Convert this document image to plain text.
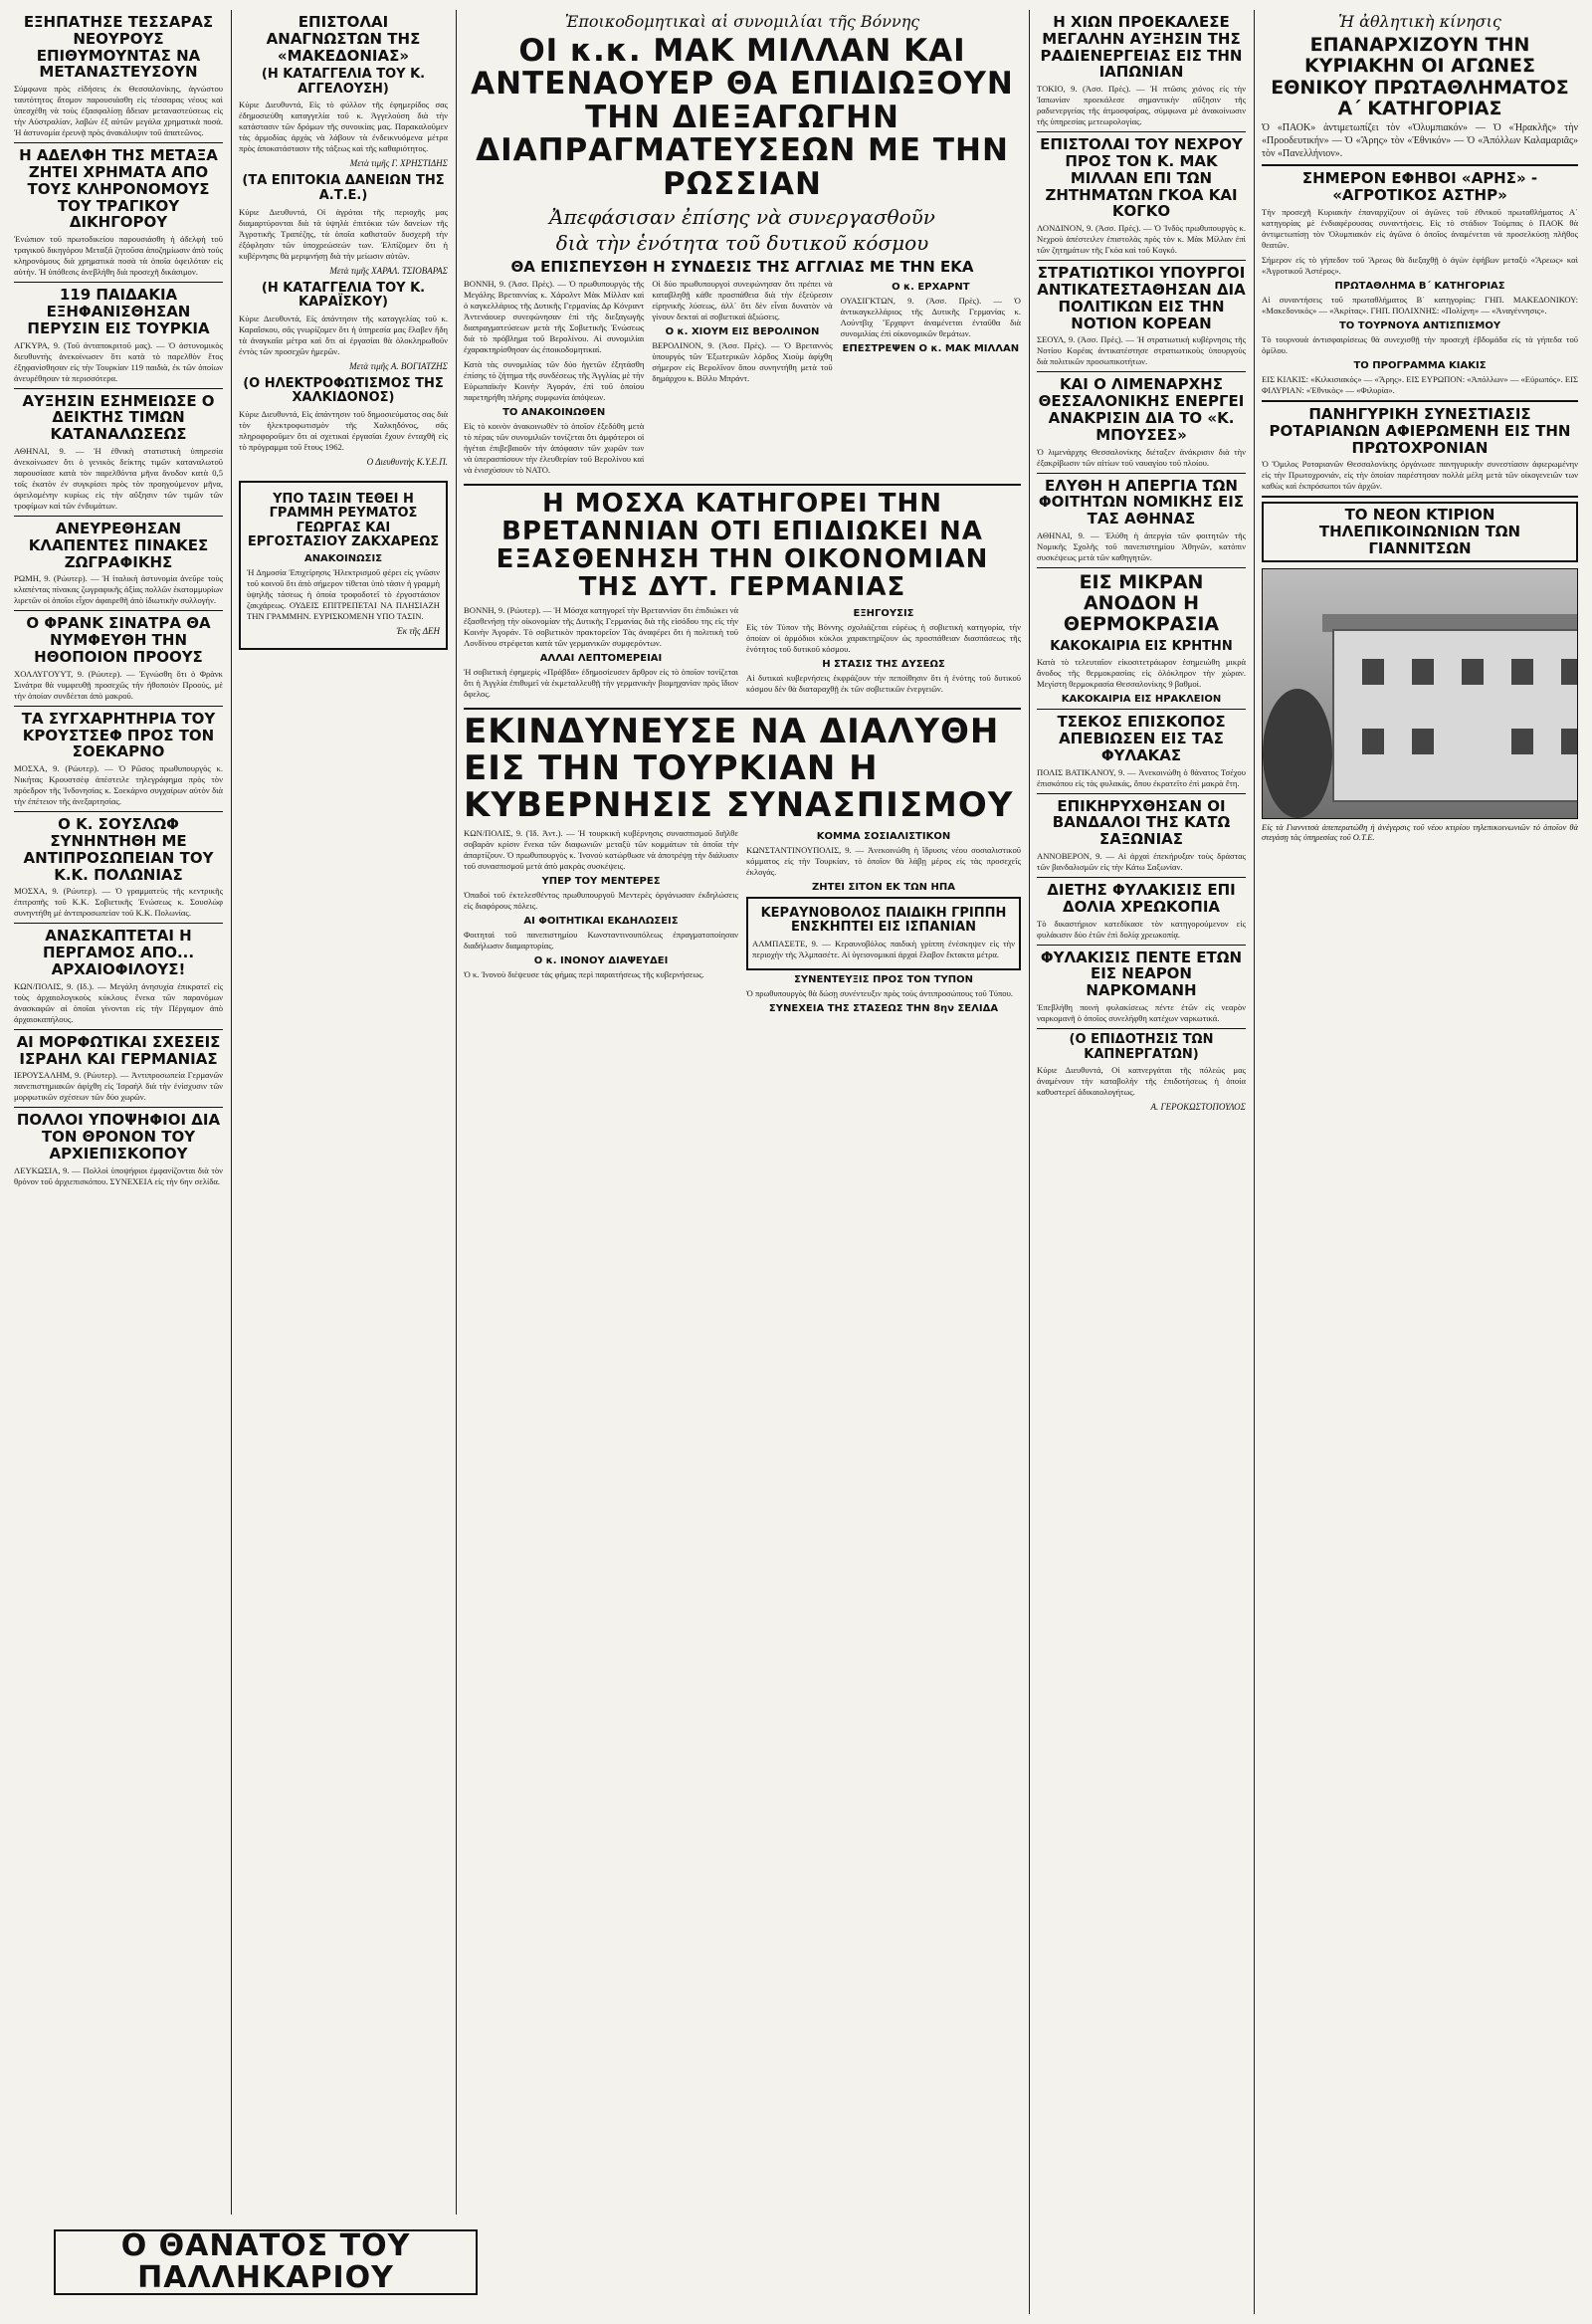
ΕΞΗΠΑΤΗΣΕ ΤΕΣΣΑΡΑΣ ΝΕΟΥΡΟΥΣ ΕΠΙΘΥΜΟΥΝΤΑΣ ΝΑ ΜΕΤΑΝΑΣΤΕΥΣΟΥΝ

Σύμφωνα πρὸς εἰδήσεις ἐκ Θεσσαλονίκης, ἀγνώστου ταυτότητος ἄτομον παρουσιάσθη εἰς τέσσαρας νέους καὶ ὑπεσχέθη νὰ τοὺς ἐξασφαλίσῃ ἄδειαν μεταναστεύσεως εἰς τὴν Αὐστραλίαν, λαβὼν ἐξ αὐτῶν μεγάλα χρηματικὰ ποσά. Ἡ ἀστυνομία ἐρευνᾷ πρὸς ἀνακάλυψιν τοῦ ἀπατεῶνος.

Η ΑΔΕΛΦΗ ΤΗΣ ΜΕΤΑΞΑ ΖΗΤΕΙ ΧΡΗΜΑΤΑ ΑΠΟ ΤΟΥΣ ΚΛΗΡΟΝΟΜΟΥΣ ΤΟΥ ΤΡΑΓΙΚΟΥ ΔΙΚΗΓΟΡΟΥ

Ἐνώπιον τοῦ πρωτοδικείου παρουσιάσθη ἡ ἀδελφὴ τοῦ τραγικοῦ δικηγόρου Μεταξᾶ ζητοῦσα ἀποζημίωσιν ἀπὸ τοὺς κληρονόμους διὰ χρηματικὰ ποσὰ τὰ ὁποῖα ὀφειλόταν εἰς αὐτήν. Ἡ ὑπόθεσις ἀνεβλήθη διὰ προσεχῆ δικάσιμον.

119 ΠΑΙΔΑΚΙΑ ΕΞΗΦΑΝΙΣΘΗΣΑΝ ΠΕΡΥΣΙΝ ΕΙΣ ΤΟΥΡΚΙΑ

ΑΓΚΥΡΑ, 9. (Τοῦ ἀνταποκριτοῦ μας). — Ὁ ἀστυνομικὸς διευθυντὴς ἀνεκοίνωσεν ὅτι κατὰ τὸ παρελθὸν ἔτος ἐξηφανίσθησαν εἰς τὴν Τουρκίαν 119 παιδιὰ, ἐκ τῶν ὁποίων ἀνευρέθησαν τὰ περισσότερα.

ΑΥΞΗΣΙΝ ΕΣΗΜΕΙΩΣΕ Ο ΔΕΙΚΤΗΣ ΤΙΜΩΝ ΚΑΤΑΝΑΛΩΣΕΩΣ

ΑΘΗΝΑΙ, 9. — Ἡ ἐθνικὴ στατιστικὴ ὑπηρεσία ἀνεκοίνωσεν ὅτι ὁ γενικὸς δείκτης τιμῶν καταναλωτοῦ παρουσίασε κατὰ τὸν παρελθόντα μῆνα ἄνοδον κατὰ 0,5 τοῖς ἑκατὸν ἐν συγκρίσει πρὸς τὸν προηγούμενον μῆνα, ὀφειλομένην κυρίως εἰς τὴν αὔξησιν τῶν τιμῶν τῶν τροφίμων καὶ τῶν ἐνδυμάτων.

ΑΝΕΥΡΕΘΗΣΑΝ ΚΛΑΠΕΝΤΕΣ ΠΙΝΑΚΕΣ ΖΩΓΡΑΦΙΚΗΣ

ΡΩΜΗ, 9. (Ρώυτερ). — Ἡ ἰταλικὴ ἀστυνομία ἀνεῦρε τοὺς κλαπέντας πίνακας ζωγραφικῆς ἀξίας πολλῶν ἑκατομμυρίων λιρετῶν οἱ ὁποῖοι εἶχον ἀφαιρεθῆ ἀπὸ ἰδιωτικὴν συλλογήν.

Ο ΦΡΑΝΚ ΣΙΝΑΤΡΑ ΘΑ ΝΥΜΦΕΥΘΗ ΤΗΝ ΗΘΟΠΟΙΟΝ ΠΡΟΟΥΣ

ΧΟΛΛΥΓΟΥΥΤ, 9. (Ρώυτερ). — Ἐγνώσθη ὅτι ὁ Φρὰνκ Σινάτρα θὰ νυμφευθῇ προσεχῶς τὴν ἠθοποιὸν Προούς, μὲ τὴν ὁποίαν συνδέεται ἀπὸ μακροῦ.

ΤΑ ΣΥΓΧΑΡΗΤΗΡΙΑ ΤΟΥ ΚΡΟΥΣΤΣΕΦ ΠΡΟΣ ΤΟΝ ΣΟΕΚΑΡΝΟ

ΜΟΣΧΑ, 9. (Ρώυτερ). — Ὁ Ρῶσος πρωθυπουργὸς κ. Νικήτας Κρουστσὲφ ἀπέστειλε τηλεγράφημα πρὸς τὸν πρόεδρον τῆς Ἰνδονησίας κ. Σοεκάρνο συγχαίρων αὐτὸν διὰ τὴν ἐπέτειον τῆς ἀνεξαρτησίας.

Ο Κ. ΣΟΥΣΛΩΦ ΣΥΝΗΝΤΗΘΗ ΜΕ ΑΝΤΙΠΡΟΣΩΠΕΙΑΝ ΤΟΥ Κ.Κ. ΠΟΛΩΝΙΑΣ

ΜΟΣΧΑ, 9. (Ρώυτερ). — Ὁ γραμματεὺς τῆς κεντρικῆς ἐπιτροπῆς τοῦ Κ.Κ. Σοβιετικῆς Ἑνώσεως κ. Σουσλὼφ συνηντήθη μὲ ἀντιπροσωπείαν τοῦ Κ.Κ. Πολωνίας.

ΑΝΑΣΚΑΠΤΕΤΑΙ Η ΠΕΡΓΑΜΟΣ ΑΠΟ... ΑΡΧΑΙΟΦΙΛΟΥΣ!

ΚΩΝ/ΠΟΛΙΣ, 9. (Ιδ.). — Μεγάλη ἀνησυχία ἐπικρατεῖ εἰς τοὺς ἀρχαιολογικοὺς κύκλους ἕνεκα τῶν παρανόμων ἀνασκαφῶν αἱ ὁποῖαι γίνονται εἰς τὴν Πέργαμον ἀπὸ ἀρχαιοκαπήλους.

ΑΙ ΜΟΡΦΩΤΙΚΑΙ ΣΧΕΣΕΙΣ ΙΣΡΑΗΛ ΚΑΙ ΓΕΡΜΑΝΙΑΣ

ΙΕΡΟΥΣΑΛΗΜ, 9. (Ρώυτερ). — Ἀντιπροσωπεία Γερμανῶν πανεπιστημιακῶν ἀφίχθη εἰς Ἰσραὴλ διὰ τὴν ἐνίσχυσιν τῶν μορφωτικῶν σχέσεων τῶν δύο χωρῶν.

ΠΟΛΛΟΙ ΥΠΟΨΗΦΙΟΙ ΔΙΑ ΤΟΝ ΘΡΟΝΟΝ ΤΟΥ ΑΡΧΙΕΠΙΣΚΟΠΟΥ

ΛΕΥΚΩΣΙΑ, 9. — Πολλοὶ ὑποψήφιοι ἐμφανίζονται διὰ τὸν θρόνον τοῦ ἀρχιεπισκόπου. ΣΥΝΕΧΕΙΑ εἰς τὴν 6ην σελίδα.

Ο ΘΑΝΑΤΟΣ ΤΟΥ ΠΑΛΛΗΚΑΡΙΟΥ
ΕΠΙΣΤΟΛΑΙ ΑΝΑΓΝΩΣΤΩΝ ΤΗΣ «ΜΑΚΕΔΟΝΙΑΣ»
(Η ΚΑΤΑΓΓΕΛΙΑ ΤΟΥ Κ. ΑΓΓΕΛΟΥΣΗ)

Κύριε Διευθυντά, Εἰς τὸ φύλλον τῆς ἐφημερίδος σας ἐδημοσιεύθη καταγγελία τοῦ κ. Ἀγγελούση διὰ τὴν κατάστασιν τῶν δρόμων τῆς συνοικίας μας. Παρακαλοῦμεν τὰς ἁρμοδίας ἀρχὰς νὰ λάβουν τὰ ἐνδεικνυόμενα μέτρα πρὸς ἀποκατάστασιν τῆς τάξεως καὶ τῆς καθαριότητος.

Μετὰ τιμῆς Γ. ΧΡΗΣΤΙΔΗΣ
(ΤΑ ΕΠΙΤΟΚΙΑ ΔΑΝΕΙΩΝ ΤΗΣ Α.Τ.Ε.)

Κύριε Διευθυντά, Οἱ ἀγρόται τῆς περιοχῆς μας διαμαρτύρονται διὰ τὰ ὑψηλὰ ἐπιτόκια τῶν δανείων τῆς Ἀγροτικῆς Τραπέζης, τὰ ὁποῖα καθιστοῦν δυσχερῆ τὴν ἐξόφλησιν τῶν ὑποχρεώσεών των. Ἐλπίζομεν ὅτι ἡ κυβέρνησις θὰ μεριμνήσῃ διὰ τὴν μείωσιν αὐτῶν.

Μετὰ τιμῆς ΧΑΡΑΛ. ΤΣΙΟΒΑΡΑΣ
(Η ΚΑΤΑΓΓΕΛΙΑ ΤΟΥ Κ. ΚΑΡΑΪΣΚΟΥ)

Κύριε Διευθυντά, Εἰς ἀπάντησιν τῆς καταγγελίας τοῦ κ. Καραΐσκου, σᾶς γνωρίζομεν ὅτι ἡ ὑπηρεσία μας ἔλαβεν ἤδη τὰ ἀναγκαῖα μέτρα καὶ ὅτι αἱ ἐργασίαι θὰ ὁλοκληρωθοῦν ἐντὸς τῶν προσεχῶν ἡμερῶν.

Μετὰ τιμῆς Α. ΒΟΓΙΑΤΖΗΣ
(Ο ΗΛΕΚΤΡΟΦΩΤΙΣΜΟΣ ΤΗΣ ΧΑΛΚΙΔΟΝΟΣ)

Κύριε Διευθυντά, Εἰς ἀπάντησιν τοῦ δημοσιεύματος σας διὰ τὸν ἠλεκτροφωτισμὸν τῆς Χαλκηδόνος, σᾶς πληροφοροῦμεν ὅτι αἱ σχετικαὶ ἐργασίαι ἔχουν ἐνταχθῆ εἰς τὸ πρόγραμμα τοῦ ἔτους 1962.

Ο Διευθυντὴς Κ.Υ.Ε.Π.
ΥΠΟ ΤΑΣΙΝ ΤΕΘΕΙ Η ΓΡΑΜΜΗ ΡΕΥΜΑΤΟΣ ΓΕΩΡΓΑΣ ΚΑΙ ΕΡΓΟΣΤΑΣΙΟΥ ΖΑΚΧΑΡΕΩΣ
ΑΝΑΚΟΙΝΩΣΙΣ

Ἡ Δημοσία Ἐπιχείρησις Ἠλεκτρισμοῦ φέρει εἰς γνῶσιν τοῦ κοινοῦ ὅτι ἀπὸ σήμερον τίθεται ὑπὸ τάσιν ἡ γραμμὴ ὑψηλῆς τάσεως ἡ ὁποία τροφοδοτεῖ τὸ ἐργοστάσιον ζακχάρεως. ΟΥΔΕΙΣ ΕΠΙΤΡΕΠΕΤΑΙ ΝΑ ΠΛΗΣΙΑΖΗ ΤΗΝ ΓΡΑΜΜΗΝ. ΕΥΡΙΣΚΟΜΕΝΗ ΥΠΟ ΤΑΣΙΝ.

Ἐκ τῆς ΔΕΗ
Ἐποικοδομητικαὶ αἱ συνομιλίαι τῆς Βόννης
ΟΙ κ.κ. ΜΑΚ ΜΙΛΛΑΝ ΚΑΙ ΑΝΤΕΝΑΟΥΕΡ ΘΑ ΕΠΙΔΙΩΞΟΥΝ ΤΗΝ ΔΙΕΞΑΓΩΓΗΝ ΔΙΑΠΡΑΓΜΑΤΕΥΣΕΩΝ ΜΕ ΤΗΝ ΡΩΣΣΙΑΝ
Ἀπεφάσισαν ἐπίσης νὰ συνεργασθοῦν
διὰ τὴν ἑνότητα τοῦ δυτικοῦ κόσμου
ΘΑ ΕΠΙΣΠΕΥΣΘΗ Η ΣΥΝΔΕΣΙΣ ΤΗΣ ΑΓΓΛΙΑΣ ΜΕ ΤΗΝ ΕΚΑ

ΒΟΝΝΗ, 9. (Ἀσσ. Πρὲς). — Ὁ πρωθυπουργὸς τῆς Μεγάλης Βρεταννίας κ. Χάρολντ Μὰκ Μίλλαν καὶ ὁ καγκελλάριος τῆς Δυτικῆς Γερμανίας Δρ Κόνραντ Ἀντενάουερ συνεφώνησαν ἐπὶ τῆς διεξαγωγῆς διαπραγματεύσεων μετὰ τῆς Σοβιετικῆς Ἑνώσεως διὰ τὸ πρόβλημα τοῦ Βερολίνου. Αἱ συνομιλίαι ἐχαρακτηρίσθησαν ὡς ἐποικοδομητικαί.

Κατὰ τὰς συνομιλίας τῶν δύο ἡγετῶν ἐξητάσθη ἐπίσης τὸ ζήτημα τῆς συνδέσεως τῆς Ἀγγλίας μὲ τὴν Εὐρωπαϊκὴν Κοινὴν Ἀγοράν, ἐπὶ τοῦ ὁποίου παρετηρήθη πλήρης συμφωνία ἀπόψεων.

ΤΟ ΑΝΑΚΟΙΝΩΘΕΝ

Εἰς τὸ κοινὸν ἀνακοινωθὲν τὸ ὁποῖον ἐξεδόθη μετὰ τὸ πέρας τῶν συνομιλιῶν τονίζεται ὅτι ἀμφότεροι οἱ ἡγέται ἐπιβεβαιοῦν τὴν ἀπόφασιν τῶν χωρῶν των νὰ ὑπερασπίσουν τὴν ἐλευθερίαν τοῦ Βερολίνου καὶ νὰ ἐνισχύσουν τὸ ΝΑΤΟ.

Οἱ δύο πρωθυπουργοὶ συνεφώνησαν ὅτι πρέπει νὰ καταβληθῇ κάθε προσπάθεια διὰ τὴν ἐξεύρεσιν εἰρηνικῆς λύσεως, ἀλλ᾽ ὅτι δὲν εἶναι δυνατὸν νὰ γίνουν δεκταὶ αἱ σοβιετικαὶ ἀξιώσεις.

Ο κ. ΧΙΟΥΜ ΕΙΣ ΒΕΡΟΛΙΝΟΝ

ΒΕΡΟΛΙΝΟΝ, 9. (Ἀσσ. Πρὲς). — Ὁ Βρεταννὸς ὑπουργὸς τῶν Ἐξωτερικῶν λόρδος Χιοὺμ ἀφίχθη σήμερον εἰς Βερολῖνον ὅπου συνηντήθη μετὰ τοῦ δημάρχου κ. Βίλλυ Μπράντ.

Ο κ. ΕΡΧΑΡΝΤ

ΟΥΑΣΙΓΚΤΩΝ, 9. (Ἀσσ. Πρὲς). — Ὁ ἀντικαγκελλάριος τῆς Δυτικῆς Γερμανίας κ. Λούντβιχ Ἔρχαρντ ἀναμένεται ἐνταῦθα διὰ συνομιλίας ἐπὶ οἰκονομικῶν θεμάτων.

ΕΠΕΣΤΡΕΨΕΝ Ο κ. ΜΑΚ ΜΙΛΛΑΝ
Η ΜΟΣΧΑ ΚΑΤΗΓΟΡΕΙ ΤΗΝ ΒΡΕΤΑΝΝΙΑΝ ΟΤΙ ΕΠΙΔΙΩΚΕΙ ΝΑ ΕΞΑΣΘΕΝΗΣΗ ΤΗΝ ΟΙΚΟΝΟΜΙΑΝ ΤΗΣ ΔΥΤ. ΓΕΡΜΑΝΙΑΣ

ΒΟΝΝΗ, 9. (Ρώυτερ). — Ἡ Μόσχα κατηγορεῖ τὴν Βρεταννίαν ὅτι ἐπιδιώκει νὰ ἐξασθενήσῃ τὴν οἰκονομίαν τῆς Δυτικῆς Γερμανίας διὰ τῆς εἰσόδου της εἰς τὴν Κοινὴν Ἀγοράν. Τὸ σοβιετικὸν πρακτορεῖον Τὰς ἀναφέρει ὅτι ἡ πολιτικὴ τοῦ Λονδίνου στρέφεται κατὰ τῶν γερμανικῶν συμφερόντων.

ΑΛΛΑΙ ΛΕΠΤΟΜΕΡΕΙΑΙ

Ἡ σοβιετικὴ ἐφημερὶς «Πράβδα» ἐδημοσίευσεν ἄρθρον εἰς τὸ ὁποῖον τονίζεται ὅτι ἡ Ἀγγλία ἐπιθυμεῖ νὰ ἐκμεταλλευθῇ τὴν γερμανικὴν βιομηχανίαν πρὸς ἴδιον ὄφελος.

ΕΞΗΓΟΥΣΙΣ

Εἰς τὸν Τύπον τῆς Βόννης σχολιάζεται εὐρέως ἡ σοβιετικὴ κατηγορία, τὴν ὁποίαν οἱ ἁρμόδιοι κύκλοι χαρακτηρίζουν ὡς προσπάθειαν διασπάσεως τῆς ἑνότητος τοῦ δυτικοῦ κόσμου.

Η ΣΤΑΣΙΣ ΤΗΣ ΔΥΣΕΩΣ

Αἱ δυτικαὶ κυβερνήσεις ἐκφράζουν τὴν πεποίθησιν ὅτι ἡ ἑνότης τοῦ δυτικοῦ κόσμου δὲν θὰ διαταραχθῇ ἐκ τῶν σοβιετικῶν ἐνεργειῶν.

ΕΚΙΝΔΥΝΕΥΣΕ ΝΑ ΔΙΑΛΥΘΗ ΕΙΣ ΤΗΝ ΤΟΥΡΚΙΑΝ Η ΚΥΒΕΡΝΗΣΙΣ ΣΥΝΑΣΠΙΣΜΟΥ

ΚΩΝ/ΠΟΛΙΣ, 9. (Ἰδ. Ἀντ.). — Ἡ τουρκικὴ κυβέρνησις συνασπισμοῦ διῆλθε σοβαρὰν κρίσιν ἕνεκα τῶν διαφωνιῶν μεταξὺ τῶν κομμάτων τὰ ὁποῖα τὴν ἀπαρτίζουν. Ὁ πρωθυπουργὸς κ. Ἰνονοὺ κατώρθωσε νὰ ἀποτρέψῃ τὴν διάλυσιν τοῦ συνασπισμοῦ μετὰ ἀπὸ μακρὰς συσκέψεις.

ΥΠΕΡ ΤΟΥ ΜΕΝΤΕΡΕΣ

Ὀπαδοὶ τοῦ ἐκτελεσθέντος πρωθυπουργοῦ Μεντερὲς ὀργάνωσαν ἐκδηλώσεις εἰς διαφόρους πόλεις.

ΑΙ ΦΟΙΤΗΤΙΚΑΙ ΕΚΔΗΛΩΣΕΙΣ

Φοιτηταὶ τοῦ πανεπιστημίου Κωνσταντινουπόλεως ἐπραγματοποίησαν διαδήλωσιν διαμαρτυρίας.

Ο κ. ΙΝΟΝΟΥ ΔΙΑΨΕΥΔΕΙ

Ὁ κ. Ἰνονοὺ διέψευσε τὰς φήμας περὶ παραιτήσεως τῆς κυβερνήσεως.

ΚΟΜΜΑ ΣΟΣΙΑΛΙΣΤΙΚΟΝ

ΚΩΝΣΤΑΝΤΙΝΟΥΠΟΛΙΣ, 9. — Ἀνεκοινώθη ἡ ἵδρυσις νέου σοσιαλιστικοῦ κόμματος εἰς τὴν Τουρκίαν, τὸ ὁποῖον θὰ λάβῃ μέρος εἰς τὰς προσεχεῖς ἐκλογάς.

ΖΗΤΕΙ ΣΙΤΟΝ ΕΚ ΤΩΝ ΗΠΑ
ΚΕΡΑΥΝΟΒΟΛΟΣ ΠΑΙΔΙΚΗ ΓΡΙΠΠΗ ΕΝΣΚΗΠΤΕΙ ΕΙΣ ΙΣΠΑΝΙΑΝ

ΑΛΜΠΑΣΕΤΕ, 9. — Κεραυνοβόλος παιδικὴ γρίππη ἐνέσκηψεν εἰς τὴν περιοχὴν τῆς Ἀλμπασέτε. Αἱ ὑγειονομικαὶ ἀρχαὶ ἔλαβον ἔκτακτα μέτρα.

ΣΥΝΕΝΤΕΥΞΙΣ ΠΡΟΣ ΤΟΝ ΤΥΠΟΝ

Ὁ πρωθυπουργὸς θὰ δώσῃ συνέντευξιν πρὸς τοὺς ἀντιπροσώπους τοῦ Τύπου.

ΣΥΝΕΧΕΙΑ ΤΗΣ ΣΤΑΣΕΩΣ ΤΗΝ 8ην ΣΕΛΙΔΑ
Η ΧΙΩΝ ΠΡΟΕΚΑΛΕΣΕ ΜΕΓΑΛΗΝ ΑΥΞΗΣΙΝ ΤΗΣ ΡΑΔΙΕΝΕΡΓΕΙΑΣ ΕΙΣ ΤΗΝ ΙΑΠΩΝΙΑΝ

ΤΟΚΙΟ, 9. (Ἀσσ. Πρὲς). — Ἡ πτῶσις χιόνος εἰς τὴν Ἰαπωνίαν προεκάλεσε σημαντικὴν αὔξησιν τῆς ραδιενεργείας τῆς ἀτμοσφαίρας, σύμφωνα μὲ ἀνακοίνωσιν τῆς ὑπηρεσίας μετεωρολογίας.

ΕΠΙΣΤΟΛΑΙ ΤΟΥ ΝΕΧΡΟΥ ΠΡΟΣ ΤΟΝ Κ. ΜΑΚ ΜΙΛΛΑΝ ΕΠΙ ΤΩΝ ΖΗΤΗΜΑΤΩΝ ΓΚΟΑ ΚΑΙ ΚΟΓΚΟ

ΛΟΝΔΙΝΟΝ, 9. (Ἀσσ. Πρὲς). — Ὁ Ἰνδὸς πρωθυπουργὸς κ. Νεχροὺ ἀπέστειλεν ἐπιστολὰς πρὸς τὸν κ. Μὰκ Μίλλαν ἐπὶ τῶν ζητημάτων τῆς Γκόα καὶ τοῦ Κογκό.

ΣΤΡΑΤΙΩΤΙΚΟΙ ΥΠΟΥΡΓΟΙ ΑΝΤΙΚΑΤΕΣΤΑΘΗΣΑΝ ΔΙΑ ΠΟΛΙΤΙΚΩΝ ΕΙΣ ΤΗΝ ΝΟΤΙΟΝ ΚΟΡΕΑΝ

ΣΕΟΥΛ, 9. (Ἀσσ. Πρὲς). — Ἡ στρατιωτικὴ κυβέρνησις τῆς Νοτίου Κορέας ἀντικατέστησε στρατιωτικοὺς ὑπουργοὺς διὰ πολιτικῶν προσωπικοτήτων.

ΚΑΙ Ο ΛΙΜΕΝΑΡΧΗΣ ΘΕΣΣΑΛΟΝΙΚΗΣ ΕΝΕΡΓΕΙ ΑΝΑΚΡΙΣΙΝ ΔΙΑ ΤΟ «Κ. ΜΠΟΥΣΕΣ»

Ὁ λιμενάρχης Θεσσαλονίκης διέταξεν ἀνάκρισιν διὰ τὴν ἐξακρίβωσιν τῶν αἰτίων τοῦ ναυαγίου τοῦ πλοίου.

ΕΛΥΘΗ Η ΑΠΕΡΓΙΑ ΤΩΝ ΦΟΙΤΗΤΩΝ ΝΟΜΙΚΗΣ ΕΙΣ ΤΑΣ ΑΘΗΝΑΣ

ΑΘΗΝΑΙ, 9. — Ἐλύθη ἡ ἀπεργία τῶν φοιτητῶν τῆς Νομικῆς Σχολῆς τοῦ πανεπιστημίου Ἀθηνῶν, κατόπιν συσκέψεως μετὰ τῶν καθηγητῶν.

ΕΙΣ ΜΙΚΡΑΝ ΑΝΟΔΟΝ Η ΘΕΡΜΟΚΡΑΣΙΑ
ΚΑΚΟΚΑΙΡΙΑ ΕΙΣ ΚΡΗΤΗΝ

Κατὰ τὸ τελευταῖον εἰκοσιτετράωρον ἐσημειώθη μικρὰ ἄνοδος τῆς θερμοκρασίας εἰς ὁλόκληρον τὴν χώραν. Μεγίστη θερμοκρασία Θεσσαλονίκης 9 βαθμοί.

ΚΑΚΟΚΑΙΡΙΑ ΕΙΣ ΗΡΑΚΛΕΙΟΝ
ΤΣΕΚΟΣ ΕΠΙΣΚΟΠΟΣ ΑΠΕΒΙΩΣΕΝ ΕΙΣ ΤΑΣ ΦΥΛΑΚΑΣ

ΠΟΛΙΣ ΒΑΤΙΚΑΝΟΥ, 9. — Ἀνεκοινώθη ὁ θάνατος Τσέχου ἐπισκόπου εἰς τὰς φυλακάς, ὅπου ἐκρατεῖτο ἐπὶ μακρὰ ἔτη.

ΕΠΙΚΗΡΥΧΘΗΣΑΝ ΟΙ ΒΑΝΔΑΛΟΙ ΤΗΣ ΚΑΤΩ ΣΑΞΩΝΙΑΣ

ΑΝΝΟΒΕΡΟΝ, 9. — Αἱ ἀρχαὶ ἐπεκήρυξαν τοὺς δράστας τῶν βανδαλισμῶν εἰς τὴν Κάτω Σαξωνίαν.

ΔΙΕΤΗΣ ΦΥΛΑΚΙΣΙΣ ΕΠΙ ΔΟΛΙΑ ΧΡΕΩΚΟΠΙΑ

Τὸ δικαστήριον κατεδίκασε τὸν κατηγορούμενον εἰς φυλάκισιν δύο ἐτῶν ἐπὶ δολίᾳ χρεωκοπίᾳ.

ΦΥΛΑΚΙΣΙΣ ΠΕΝΤΕ ΕΤΩΝ ΕΙΣ ΝΕΑΡΟΝ ΝΑΡΚΟΜΑΝΗ

Ἐπεβλήθη ποινὴ φυλακίσεως πέντε ἐτῶν εἰς νεαρὸν ναρκομανῆ ὁ ὁποῖος συνελήφθη κατέχων ναρκωτικά.

(Ο ΕΠΙΔΟΤΗΣΙΣ ΤΩΝ ΚΑΠΝΕΡΓΑΤΩΝ)

Κύριε Διευθυντά, Οἱ καπνεργάται τῆς πόλεώς μας ἀναμένουν τὴν καταβολὴν τῆς ἐπιδοτήσεως ἡ ὁποία καθυστερεῖ ἀδικαιολογήτως.

Α. ΓΕΡΟΚΩΣΤΟΠΟΥΛΟΣ
Ἡ ἀθλητικὴ κίνησις
ΕΠΑΝΑΡΧΙΖΟΥΝ ΤΗΝ ΚΥΡΙΑΚΗΝ ΟΙ ΑΓΩΝΕΣ ΕΘΝΙΚΟΥ ΠΡΩΤΑΘΛΗΜΑΤΟΣ Α΄ ΚΑΤΗΓΟΡΙΑΣ

Ὁ «ΠΑΟΚ» ἀντιμετωπίζει τὸν «Ὀλυμπιακόν» — Ὁ «Ἡρακλῆς» τὴν «Προοδευτικήν» — Ὁ «Ἄρης» τὸν «Ἐθνικόν» — Ὁ «Ἀπόλλων Καλαμαριᾶς» τὸν «Πανελλήνιον».

ΣΗΜΕΡΟΝ ΕΦΗΒΟΙ «ΑΡΗΣ» - «ΑΓΡΟΤΙΚΟΣ ΑΣΤΗΡ»

Τὴν προσεχῆ Κυριακὴν ἐπαναρχίζουν οἱ ἀγῶνες τοῦ ἐθνικοῦ πρωταθλήματος Α΄ κατηγορίας μὲ ἐνδιαφέρουσας συναντήσεις. Εἰς τὸ στάδιον Τούμπας ὁ ΠΑΟΚ θὰ ἀντιμετωπίσῃ τὸν Ὀλυμπιακὸν εἰς ἀγῶνα ὁ ὁποῖος ἀναμένεται νὰ προσελκύσῃ πλῆθος θεατῶν.

Σήμερον εἰς τὸ γήπεδον τοῦ Ἄρεως θὰ διεξαχθῇ ὁ ἀγὼν ἐφήβων μεταξὺ «Ἄρεως» καὶ «Ἀγροτικοῦ Ἀστέρος».

ΠΡΩΤΑΘΛΗΜΑ Β΄ ΚΑΤΗΓΟΡΙΑΣ

Αἱ συναντήσεις τοῦ πρωταθλήματος Β΄ κατηγορίας: ΓΗΠ. ΜΑΚΕΔΟΝΙΚΟΥ: «Μακεδονικὸς» — «Ἀκρίτας». ΓΗΠ. ΠΟΛΙΧΝΗΣ: «Πολίχνη» — «Ἀναγέννησις».

ΤΟ ΤΟΥΡΝΟΥΑ ΑΝΤΙΣΠΙΣΜΟΥ

Τὸ τουρνουὰ ἀντισφαιρίσεως θὰ συνεχισθῇ τὴν προσεχῆ ἑβδομάδα εἰς τὰ γήπεδα τοῦ ὁμίλου.

ΤΟ ΠΡΟΓΡΑΜΜΑ ΚΙΑΚΙΣ

ΕΙΣ ΚΙΛΚΙΣ: «Κιλκισιακὸς» — «Ἄρης». ΕΙΣ ΕΥΡΩΠΟΝ: «Ἀπόλλων» — «Εὐρωπός». ΕΙΣ ΦΙΛΥΡΙΑΝ: «Ἐθνικὸς» — «Φιλυρία».

ΠΑΝΗΓΥΡΙΚΗ ΣΥΝΕΣΤΙΑΣΙΣ ΡΟΤΑΡΙΑΝΩΝ ΑΦΙΕΡΩΜΕΝΗ ΕΙΣ ΤΗΝ ΠΡΩΤΟΧΡΟΝΙΑΝ

Ὁ Ὅμιλος Ροταριανῶν Θεσσαλονίκης ὀργάνωσε πανηγυρικὴν συνεστίασιν ἀφιερωμένην εἰς τὴν Πρωτοχρονιάν, εἰς τὴν ὁποίαν παρέστησαν πολλὰ μέλη μετὰ τῶν οἰκογενειῶν των καθὼς καὶ ἐκπρόσωποι τῶν ἀρχῶν.

ΤΟ ΝΕΟΝ ΚΤΙΡΙΟΝ ΤΗΛΕΠΙΚΟΙΝΩΝΙΩΝ ΤΩΝ ΓΙΑΝΝΙΤΣΩΝ
Εἰς τὰ Γιαννιτσὰ ἀπεπερατώθη ἡ ἀνέγερσις τοῦ νέου κτιρίου τηλεπικοινωνιῶν τὸ ὁποῖον θὰ στεγάσῃ τὰς ὑπηρεσίας τοῦ Ο.Τ.Ε.
